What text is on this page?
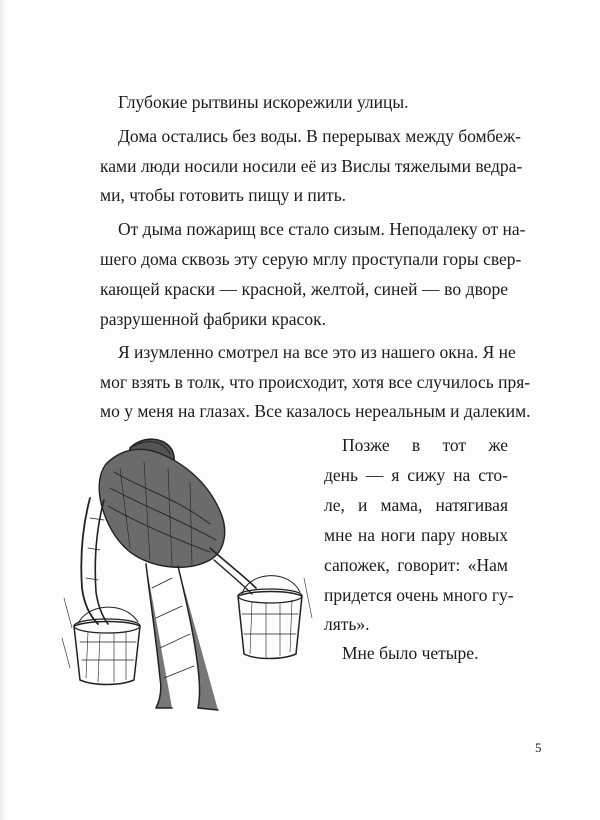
Глубокие рытвины искорежили улицы.
Дома остались без воды. В перерывах между бомбеж-
ками люди носили носили её из Вислы тяжелыми ведра-
ми, чтобы готовить пищу и пить.
От дыма пожарищ все стало сизым. Неподалеку от на-
шего дома сквозь эту серую мглу проступали горы свер-
кающей краски — красной, желтой, синей — во дворе
разрушенной фабрики красок.
Я изумленно смотрел на все это из нашего окна. Я не
мог взять в толк, что происходит, хотя все случилось пря-
мо у меня на глазах. Все казалось нереальным и далеким.
Позже в тот же
день — я сижу на сто-
ле, и мама, натягивая
мне на ноги пару новых
сапожек, говорит: «Нам
придется очень много гу-
лять».
Мне было четыре.
5
